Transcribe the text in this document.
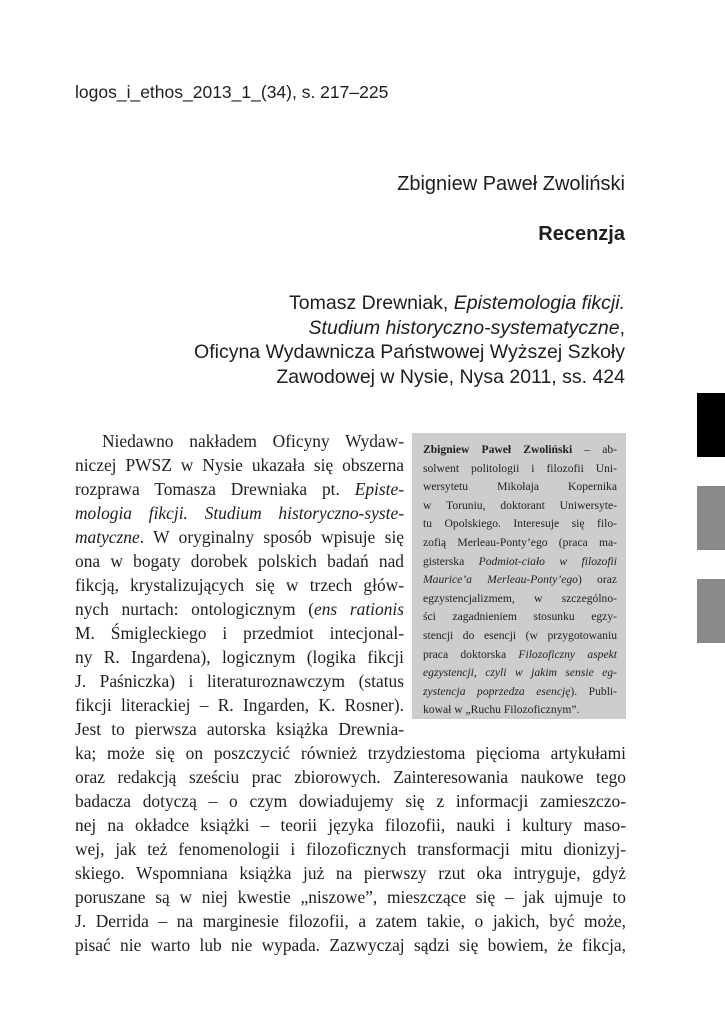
logos_i_ethos_2013_1_(34), s. 217–225
Zbigniew Paweł Zwoliński
Recenzja
Tomasz Drewniak, Epistemologia fikcji.
Studium historyczno-systematyczne,
Oficyna Wydawnicza Państwowej Wyższej Szkoły
Zawodowej w Nysie, Nysa 2011, ss. 424
Zbigniew Paweł Zwoliński – ab-
solwent politologii i filozofii Uni-
wersytetu Mikołaja Kopernika
w Toruniu, doktorant Uniwersyte-
tu Opolskiego. Interesuje się filo-
zofią Merleau-Ponty’ego (praca ma-
gisterska Podmiot-ciało w filozofii
Maurice’a Merleau-Ponty’ego) oraz
egzystencjalizmem, w szczególno-
ści zagadnieniem stosunku egzy-
stencji do esencji (w przygotowaniu
praca doktorska Filozoficzny aspekt
egzystencji, czyli w jakim sensie eg-
zystencja poprzedza esencję). Publi-
kował w „Ruchu Filozoficznym”.
Niedawno nakładem Oficyny Wydaw-
niczej PWSZ w Nysie ukazała się obszerna
rozprawa Tomasza Drewniaka pt. Episte-
mologia fikcji. Studium historyczno-syste-
matyczne. W oryginalny sposób wpisuje się
ona w bogaty dorobek polskich badań nad
fikcją, krystalizujących się w trzech głów-
nych nurtach: ontologicznym (ens rationis
M. Śmigleckiego i przedmiot intecjonal-
ny R. Ingardena), logicznym (logika fikcji
J. Paśniczka) i literaturoznawczym (status
fikcji literackiej – R. Ingarden, K. Rosner).
Jest to pierwsza autorska książka Drewnia-
ka; może się on poszczycić również trzydziestoma pięcioma artykułami
oraz redakcją sześciu prac zbiorowych. Zainteresowania naukowe tego
badacza dotyczą – o czym dowiadujemy się z informacji zamieszczo-
nej na okładce książki – teorii języka filozofii, nauki i kultury maso-
wej, jak też fenomenologii i filozoficznych transformacji mitu dionizyj-
skiego. Wspomniana książka już na pierwszy rzut oka intryguje, gdyż
poruszane są w niej kwestie „niszowe”, mieszczące się – jak ujmuje to
J. Derrida – na marginesie filozofii, a zatem takie, o jakich, być może,
pisać nie warto lub nie wypada. Zazwyczaj sądzi się bowiem, że fikcja,
